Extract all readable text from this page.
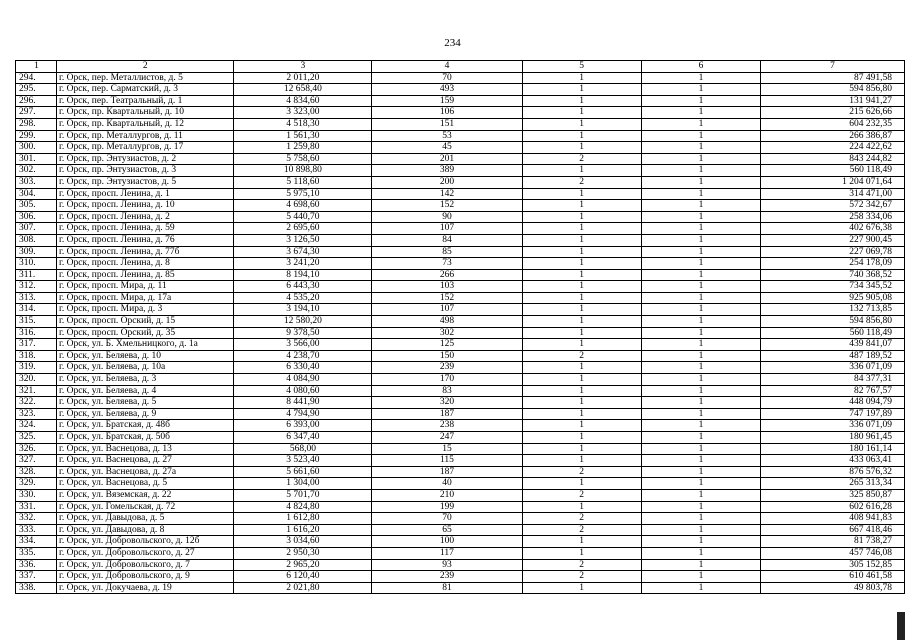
234
1	2	3	4	5	6	7
294.	г. Орск, пер. Металлистов, д. 5	2 011,20	70	1	1	87 491,58
295.	г. Орск, пер. Сарматский, д. 3	12 658,40	493	1	1	594 856,80
296.	г. Орск, пер. Театральный, д. 1	4 834,60	159	1	1	131 941,27
297.	г. Орск, пр. Квартальный, д. 10	3 323,00	106	1	1	215 626,66
298.	г. Орск, пр. Квартальный, д. 12	4 518,30	151	1	1	604 232,35
299.	г. Орск, пр. Металлургов, д. 11	1 561,30	53	1	1	266 386,87
300.	г. Орск, пр. Металлургов, д. 17	1 259,80	45	1	1	224 422,62
301.	г. Орск, пр. Энтузиастов, д. 2	5 758,60	201	2	1	843 244,82
302.	г. Орск, пр. Энтузиастов, д. 3	10 898,80	389	1	1	560 118,49
303.	г. Орск, пр. Энтузиастов, д. 5	5 118,60	200	2	1	1 204 071,64
304.	г. Орск, просп. Ленина, д. 1	5 975,10	142	1	1	314 471,00
305.	г. Орск, просп. Ленина, д. 10	4 698,60	152	1	1	572 342,67
306.	г. Орск, просп. Ленина, д. 2	5 440,70	90	1	1	258 334,06
307.	г. Орск, просп. Ленина, д. 59	2 695,60	107	1	1	402 676,38
308.	г. Орск, просп. Ленина, д. 76	3 126,50	84	1	1	227 900,45
309.	г. Орск, просп. Ленина, д. 77б	3 674,30	85	1	1	227 069,78
310.	г. Орск, просп. Ленина, д. 8	3 241,20	73	1	1	254 178,09
311.	г. Орск, просп. Ленина, д. 85	8 194,10	266	1	1	740 368,52
312.	г. Орск, просп. Мира, д. 11	6 443,30	103	1	1	734 345,52
313.	г. Орск, просп. Мира, д. 17а	4 535,20	152	1	1	925 905,08
314.	г. Орск, просп. Мира, д. 3	3 194,10	107	1	1	132 713,85
315.	г. Орск, просп. Орский, д. 15	12 580,20	498	1	1	594 856,80
316.	г. Орск, просп. Орский, д. 35	9 378,50	302	1	1	560 118,49
317.	г. Орск, ул. Б. Хмельницкого, д. 1а	3 566,00	125	1	1	439 841,07
318.	г. Орск, ул. Беляева, д. 10	4 238,70	150	2	1	487 189,52
319.	г. Орск, ул. Беляева, д. 10а	6 330,40	239	1	1	336 071,09
320.	г. Орск, ул. Беляева, д. 3	4 084,90	170	1	1	84 377,31
321.	г. Орск, ул. Беляева, д. 4	4 080,60	83	1	1	82 767,57
322.	г. Орск, ул. Беляева, д. 5	8 441,90	320	1	1	448 094,79
323.	г. Орск, ул. Беляева, д. 9	4 794,90	187	1	1	747 197,89
324.	г. Орск, ул. Братская, д. 48б	6 393,00	238	1	1	336 071,09
325.	г. Орск, ул. Братская, д. 50б	6 347,40	247	1	1	180 961,45
326.	г. Орск, ул. Васнецова, д. 13	568,00	15	1	1	180 161,14
327.	г. Орск, ул. Васнецова, д. 27	3 523,40	115	1	1	433 063,41
328.	г. Орск, ул. Васнецова, д. 27а	5 661,60	187	2	1	876 576,32
329.	г. Орск, ул. Васнецова, д. 5	1 304,00	40	1	1	265 313,34
330.	г. Орск, ул. Вяземская, д. 22	5 701,70	210	2	1	325 850,87
331.	г. Орск, ул. Гомельская, д. 72	4 824,80	199	1	1	602 616,28
332.	г. Орск, ул. Давыдова, д. 5	1 612,80	70	2	1	408 941,83
333.	г. Орск, ул. Давыдова, д. 8	1 616,20	65	2	1	667 418,46
334.	г. Орск, ул. Добровольского, д. 12б	3 034,60	100	1	1	81 738,27
335.	г. Орск, ул. Добровольского, д. 27	2 950,30	117	1	1	457 746,08
336.	г. Орск, ул. Добровольского, д. 7	2 965,20	93	2	1	305 152,85
337.	г. Орск, ул. Добровольского, д. 9	6 120,40	239	2	1	610 461,58
338.	г. Орск, ул. Докучаева, д. 19	2 021,80	81	1	1	49 803,78
